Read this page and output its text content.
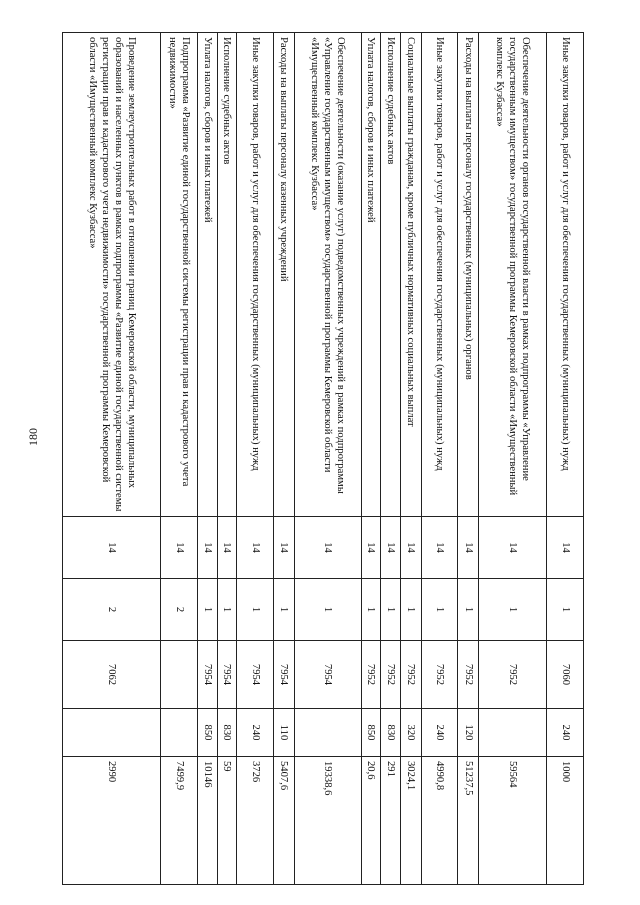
180	Иные закупки товаров, работ и услуг для обеспечения государственных (муниципальных) нужд	14	1	7060	240	1000
Обеспечение деятельности органов государственной власти в рамках подпрограммы «Управление государственным имуществом» государственной программы Кемеровской области «Имущественный комплекс Кузбасса»	14	1	7952		59564
Расходы на выплаты персоналу государственных (муниципальных) органов	14	1	7952	120	51237,5
Иные закупки товаров, работ и услуг для обеспечения государственных (муниципальных) нужд	14	1	7952	240	4990,8
Социальные выплаты гражданам, кроме публичных нормативных социальных выплат	14	1	7952	320	3024,1
Исполнение судебных актов	14	1	7952	830	291
Уплата налогов, сборов и иных платежей	14	1	7952	850	20,6
Обеспечение деятельности (оказание услуг) подведомственных учреждений в рамках подпрограммы «Управление государственным имуществом» государственной программы Кемеровской области «Имущественный комплекс Кузбасса»	14	1	7954		19338,6
Расходы на выплаты персоналу казенных учреждений	14	1	7954	110	5407,6
Иные закупки товаров, работ и услуг для обеспечения государственных (муниципальных) нужд	14	1	7954	240	3726
Исполнение судебных актов	14	1	7954	830	59
Уплата налогов, сборов и иных платежей	14	1	7954	850	10146
Подпрограмма «Развитие единой государственной системы регистрации прав и кадастрового учета недвижимости»	14	2			7499,9
Проведение землеустроительных работ в отношении границ Кемеровской области, муниципальных образований и населенных пунктов в рамках подпрограммы «Развитие единой государственной системы регистрации прав и кадастрового учета недвижимости» государственной программы Кемеровской области «Имущественный комплекс Кузбасса»	14	2	7062		2990
